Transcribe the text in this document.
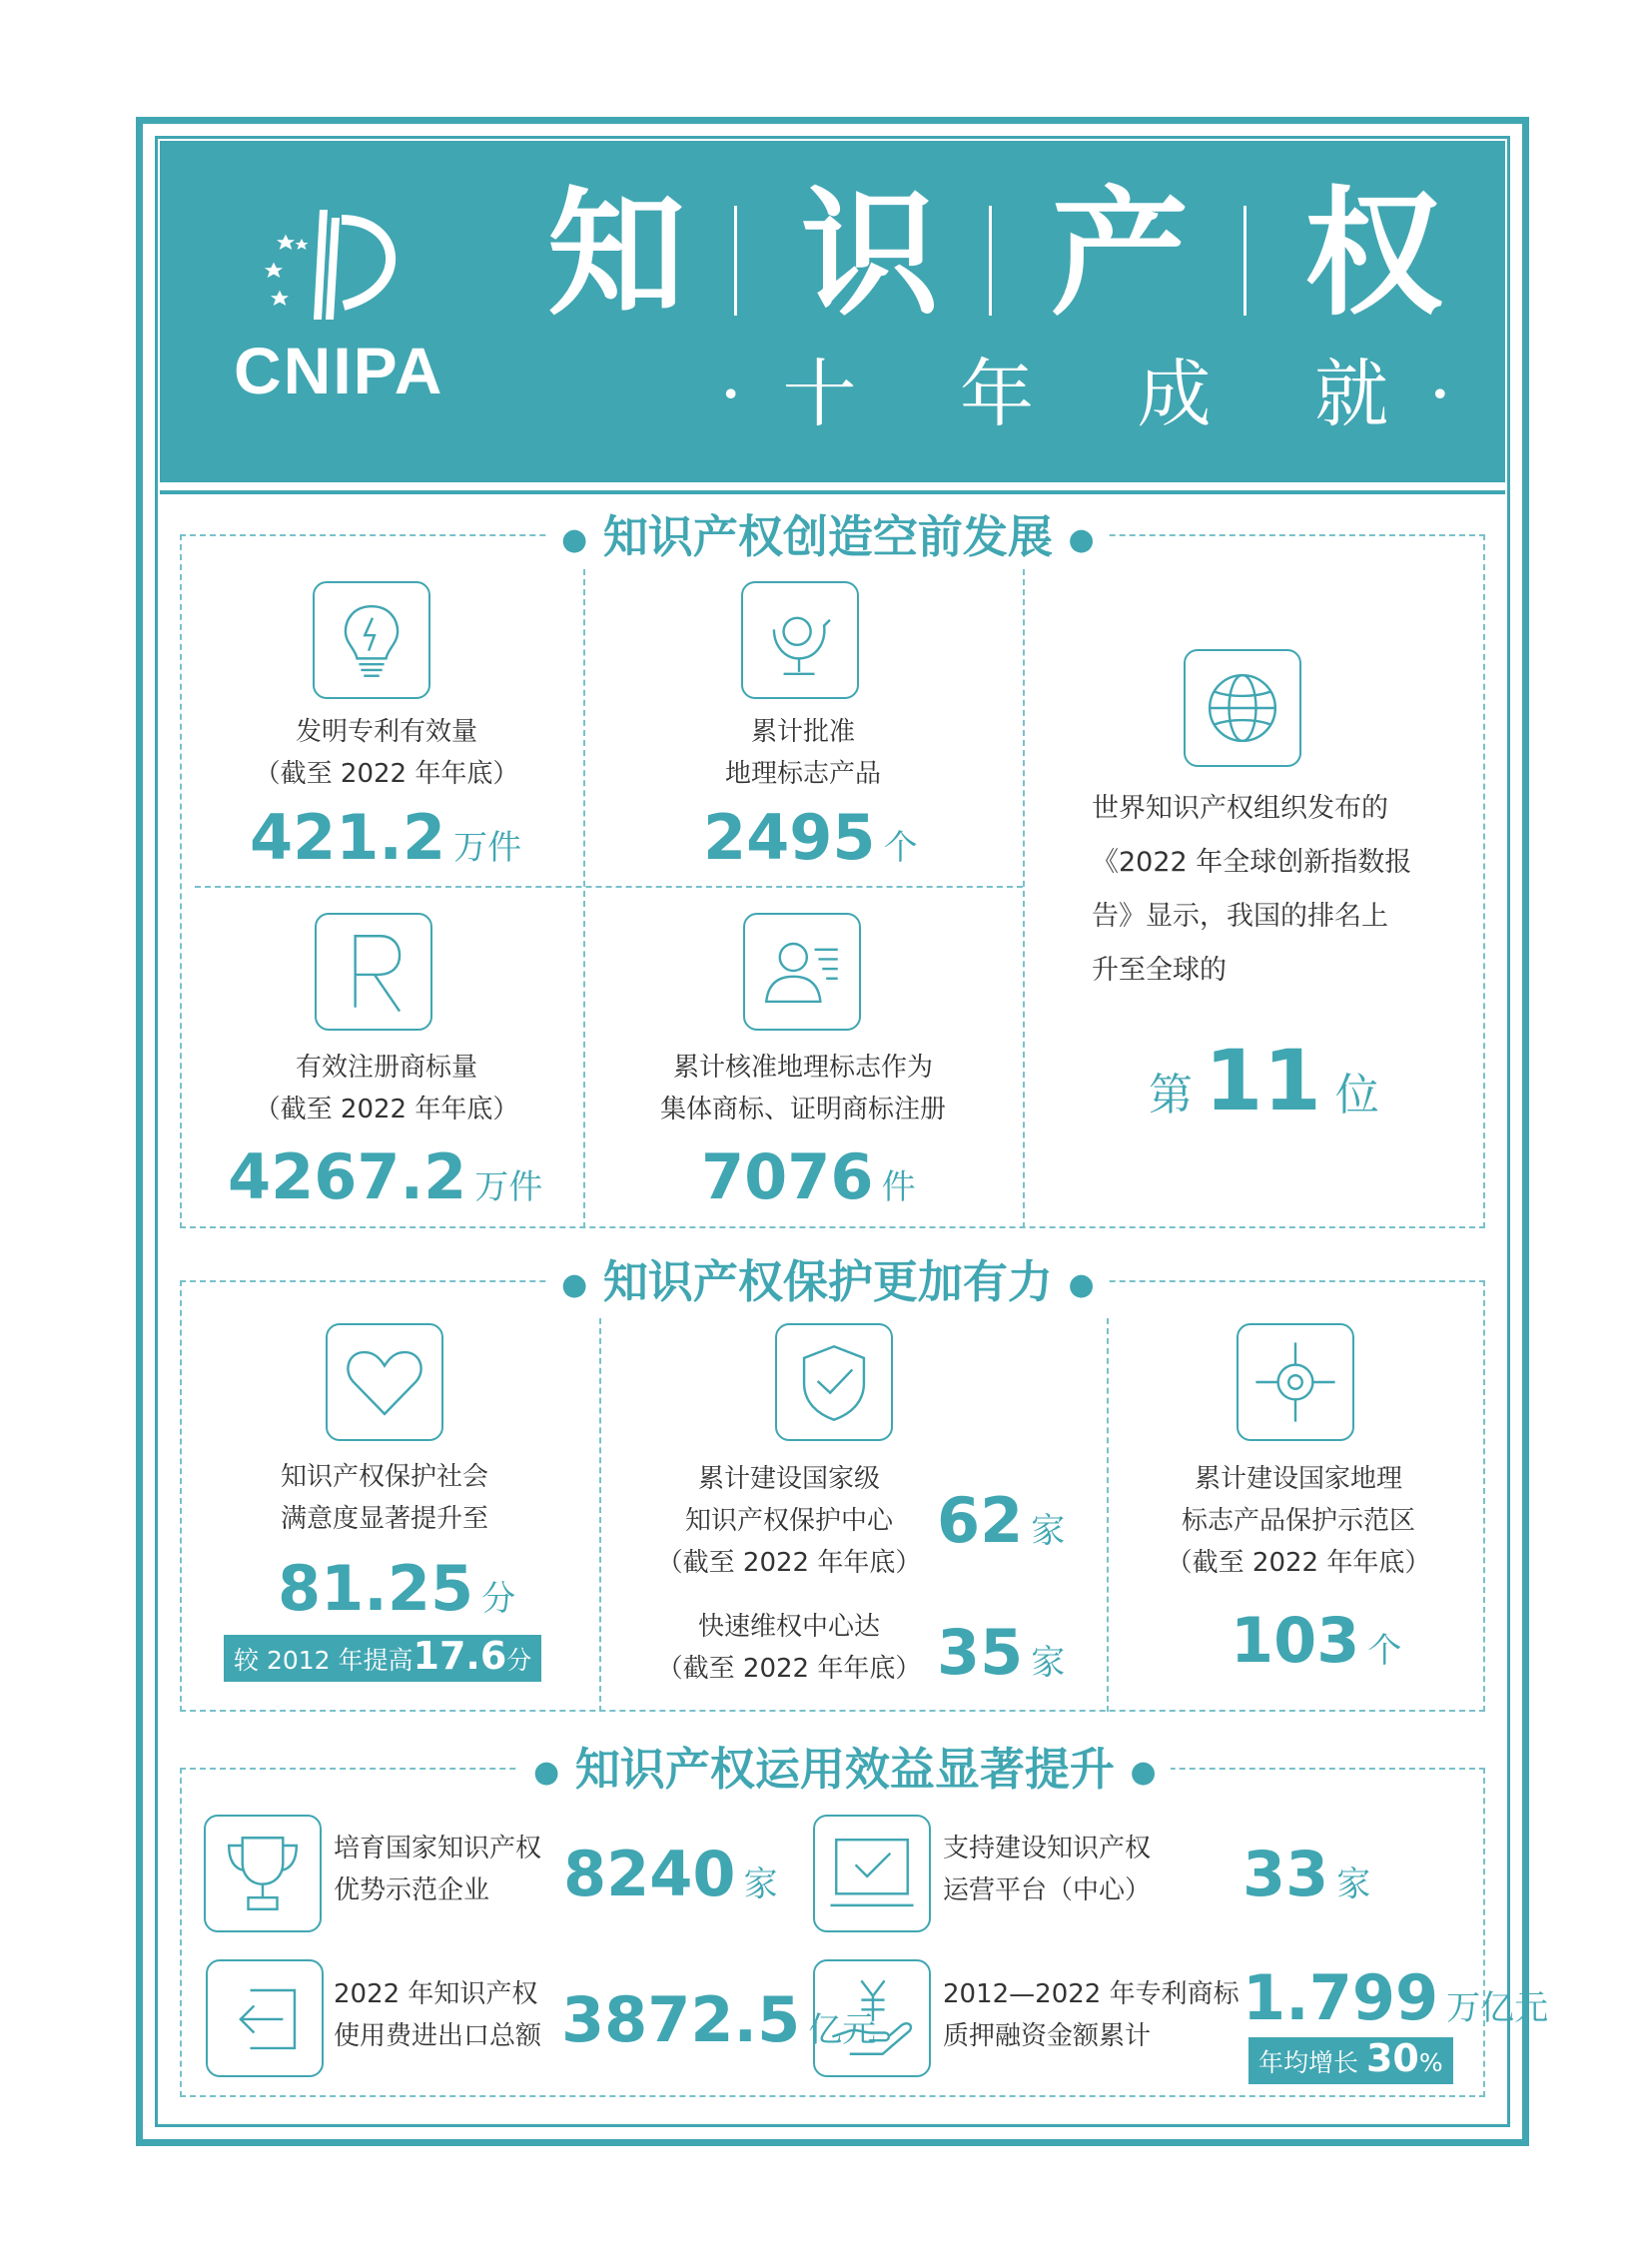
CNIPA
知 识 产 权
·十 年 成 就·
● 知识产权创造空前发展 ●
发明专利有效量
（截至 2022 年年底）
421.2 万件
累计批准
地理标志产品
2495 个
有效注册商标量
（截至 2022 年年底）
4267.2 万件
累计核准地理标志作为
集体商标、证明商标注册
7076 件
世界知识产权组织发布的
《2022 年全球创新指数报
告》显示，我国的排名上
升至全球的
第 11 位
● 知识产权保护更加有力 ●
知识产权保护社会
满意度显著提升至
81.25 分
较 2012 年提高17.6分
累计建设国家级
知识产权保护中心
（截至 2022 年年底）
62 家
快速维权中心达
（截至 2022 年年底） 35 家
累计建设国家地理
标志产品保护示范区
（截至 2022 年年底）
103 个
● 知识产权运用效益显著提升 ●
培育国家知识产权
优势示范企业	8240 家
支持建设知识产权
运营平台（中心） 33 家
2022 年知识产权
使用费进出口总额 3872.5 亿元
2012—2022 年专利商标
质押融资金额累计
1.799 万亿元
年均增长 30%
